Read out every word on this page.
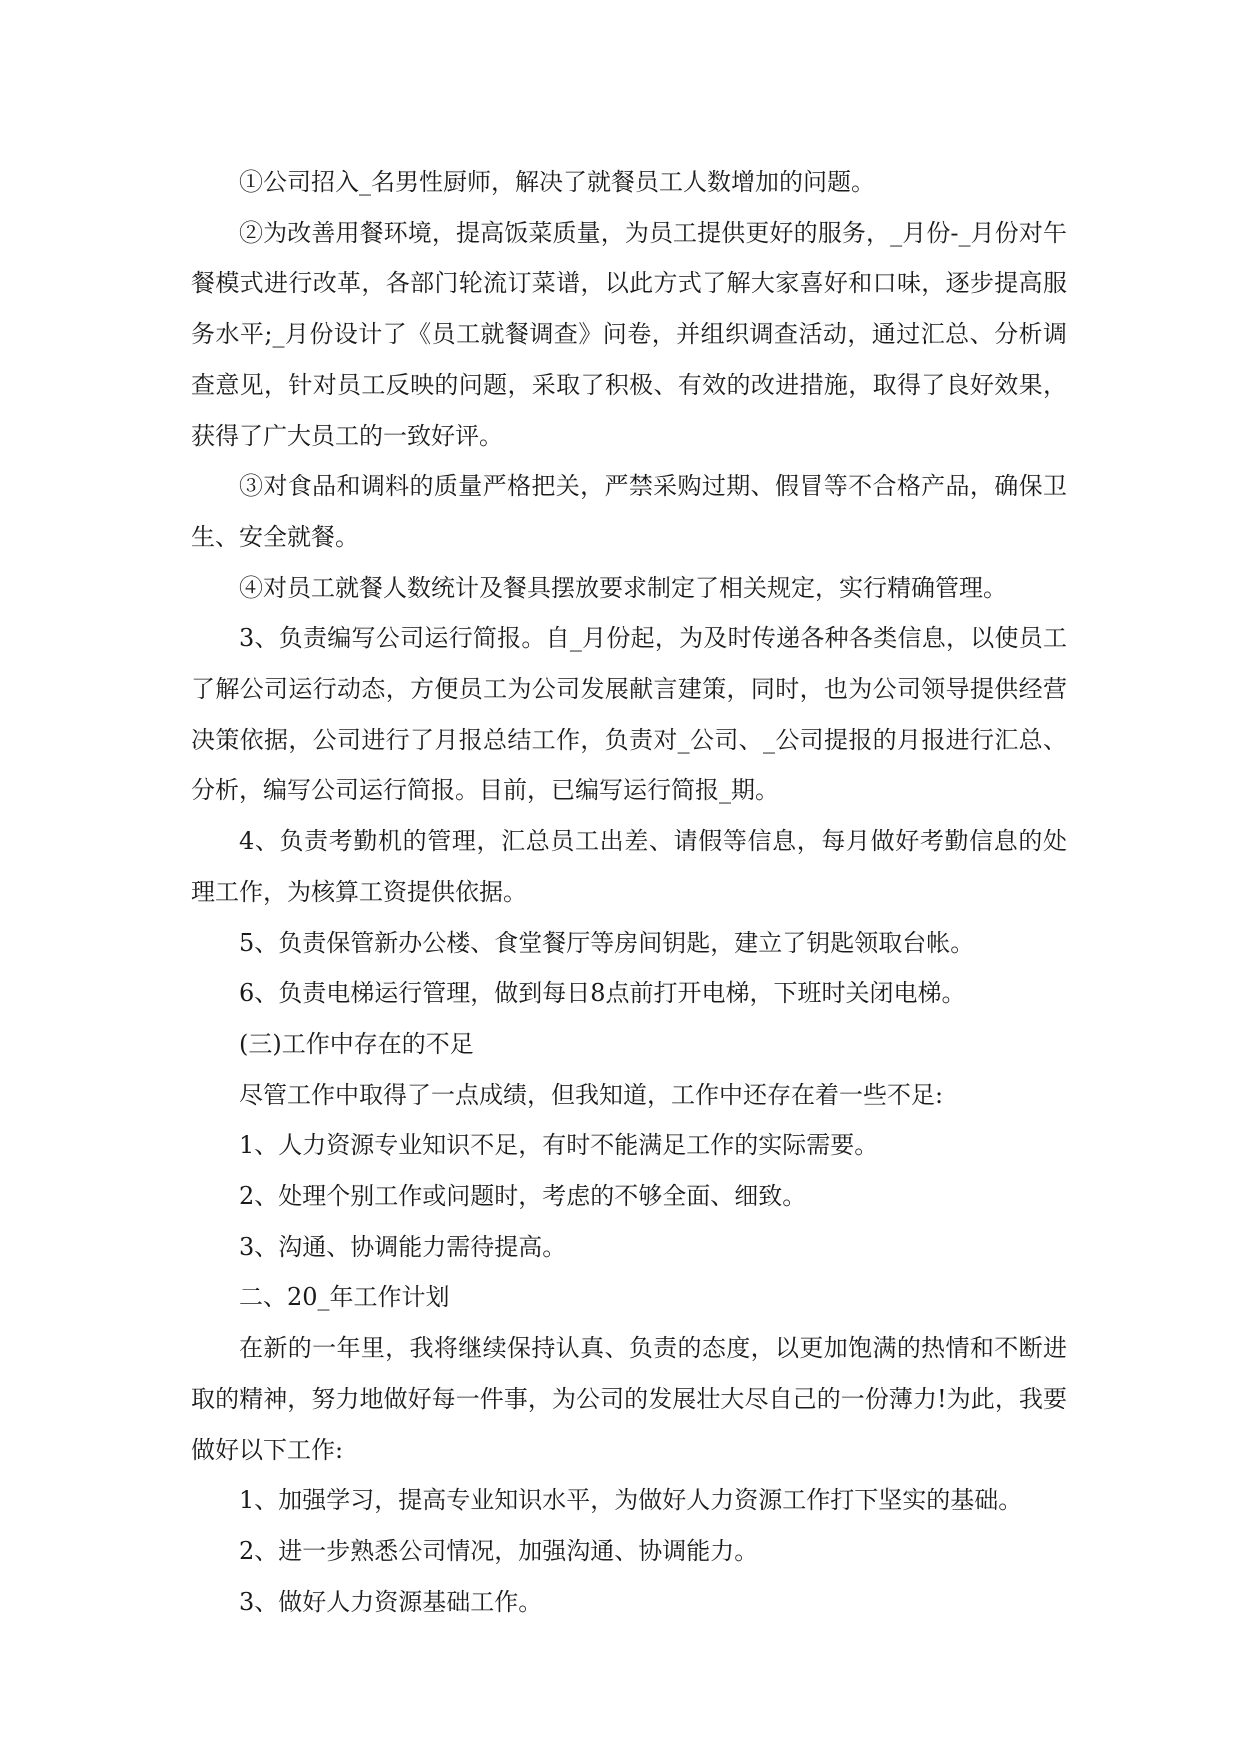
①公司招入_名男性厨师，解决了就餐员工人数增加的问题。

②为改善用餐环境，提高饭菜质量，为员工提供更好的服务，_月份-_月份对午餐模式进行改革，各部门轮流订菜谱，以此方式了解大家喜好和口味，逐步提高服务水平;_月份设计了《员工就餐调查》问卷，并组织调查活动，通过汇总、分析调查意见，针对员工反映的问题，采取了积极、有效的改进措施，取得了良好效果，获得了广大员工的一致好评。

③对食品和调料的质量严格把关，严禁采购过期、假冒等不合格产品，确保卫生、安全就餐。

④对员工就餐人数统计及餐具摆放要求制定了相关规定，实行精确管理。

3、负责编写公司运行简报。自_月份起，为及时传递各种各类信息，以使员工了解公司运行动态，方便员工为公司发展献言建策，同时，也为公司领导提供经营决策依据，公司进行了月报总结工作，负责对_公司、_公司提报的月报进行汇总、分析，编写公司运行简报。目前，已编写运行简报_期。

4、负责考勤机的管理，汇总员工出差、请假等信息，每月做好考勤信息的处理工作，为核算工资提供依据。

5、负责保管新办公楼、食堂餐厅等房间钥匙，建立了钥匙领取台帐。

6、负责电梯运行管理，做到每日8点前打开电梯，下班时关闭电梯。

(三)工作中存在的不足

尽管工作中取得了一点成绩，但我知道，工作中还存在着一些不足:

1、人力资源专业知识不足，有时不能满足工作的实际需要。

2、处理个别工作或问题时，考虑的不够全面、细致。

3、沟通、协调能力需待提高。

二、20_年工作计划

在新的一年里，我将继续保持认真、负责的态度，以更加饱满的热情和不断进取的精神，努力地做好每一件事，为公司的发展壮大尽自己的一份薄力!为此，我要做好以下工作:

1、加强学习，提高专业知识水平，为做好人力资源工作打下坚实的基础。

2、进一步熟悉公司情况，加强沟通、协调能力。

3、做好人力资源基础工作。
